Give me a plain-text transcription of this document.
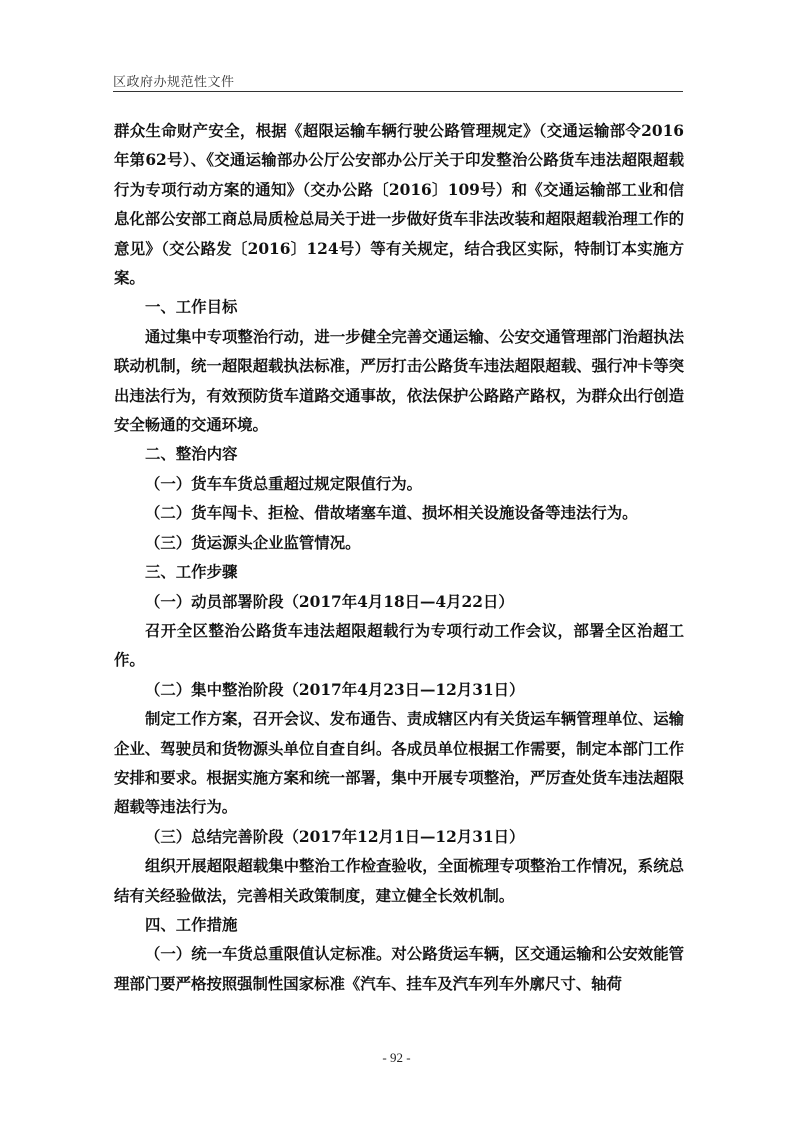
区政府办规范性文件

群众生命财产安全，根据《超限运输车辆行驶公路管理规定》（交通运输部令2016年第62号）、《交通运输部办公厅公安部办公厅关于印发整治公路货车违法超限超载行为专项行动方案的通知》（交办公路〔2016〕109号）和《交通运输部工业和信息化部公安部工商总局质检总局关于进一步做好货车非法改装和超限超载治理工作的意见》（交公路发〔2016〕124号）等有关规定，结合我区实际，特制订本实施方案。

一、工作目标

通过集中专项整治行动，进一步健全完善交通运输、公安交通管理部门治超执法联动机制，统一超限超载执法标准，严厉打击公路货车违法超限超载、强行冲卡等突出违法行为，有效预防货车道路交通事故，依法保护公路路产路权，为群众出行创造安全畅通的交通环境。

二、整治内容

（一）货车车货总重超过规定限值行为。

（二）货车闯卡、拒检、借故堵塞车道、损坏相关设施设备等违法行为。

（三）货运源头企业监管情况。

三、工作步骤

（一）动员部署阶段（2017年4月18日—4月22日）

召开全区整治公路货车违法超限超载行为专项行动工作会议，部署全区治超工作。

（二）集中整治阶段（2017年4月23日—12月31日）

制定工作方案，召开会议、发布通告、责成辖区内有关货运车辆管理单位、运输企业、驾驶员和货物源头单位自查自纠。各成员单位根据工作需要，制定本部门工作安排和要求。根据实施方案和统一部署，集中开展专项整治，严厉查处货车违法超限超载等违法行为。

（三）总结完善阶段（2017年12月1日—12月31日）

组织开展超限超载集中整治工作检查验收，全面梳理专项整治工作情况，系统总结有关经验做法，完善相关政策制度，建立健全长效机制。

四、工作措施

（一）统一车货总重限值认定标准。对公路货运车辆，区交通运输和公安效能管理部门要严格按照强制性国家标准《汽车、挂车及汽车列车外廓尺寸、轴荷

- 92 -
